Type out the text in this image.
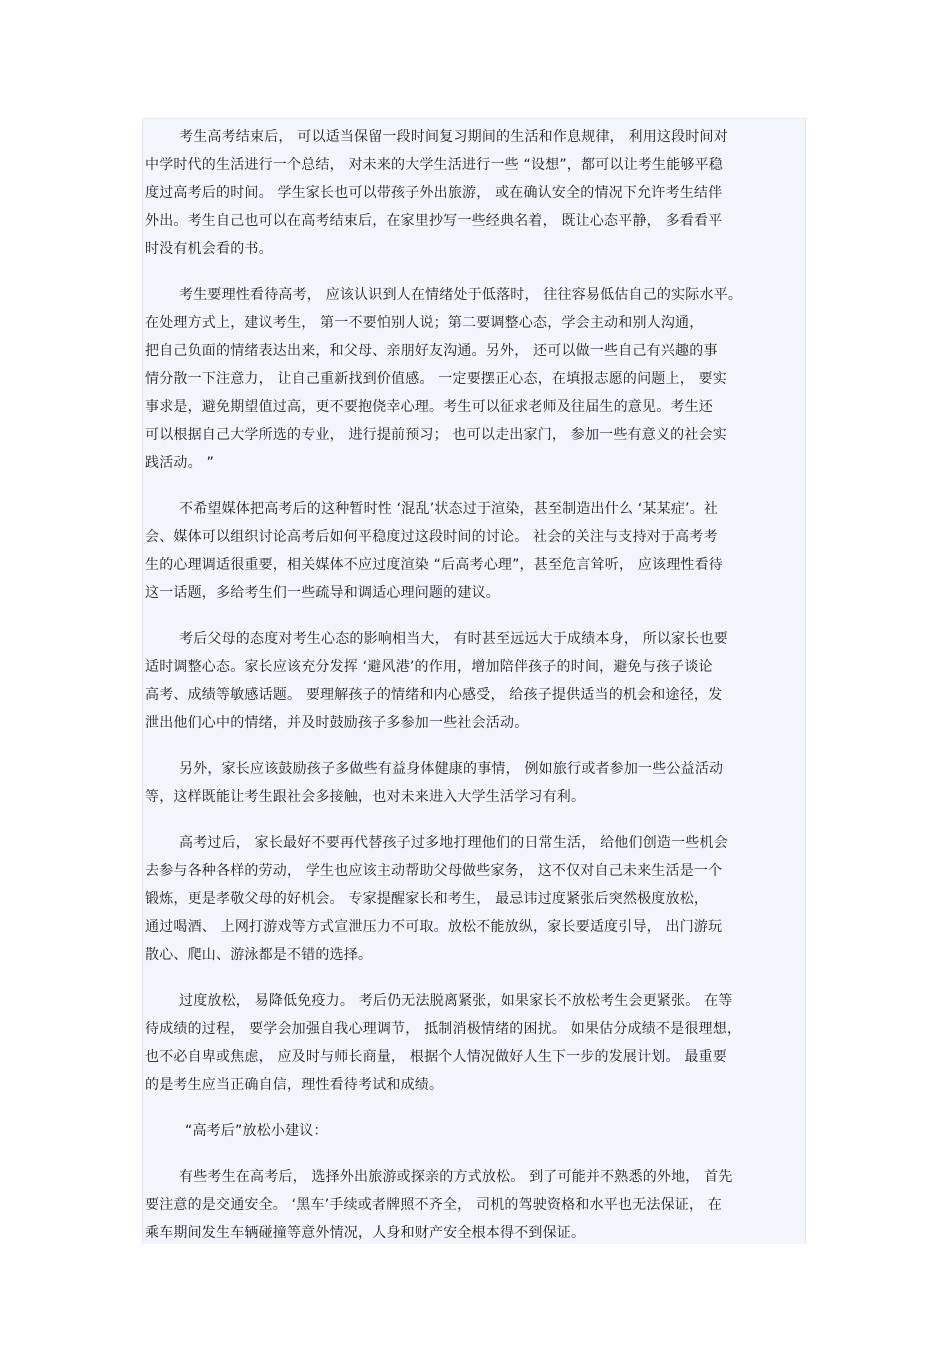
考生高考结束后， 可以适当保留一段时间复习期间的生活和作息规律， 利用这段时间对
中学时代的生活进行一个总结， 对未来的大学生活进行一些 “设想”，都可以让考生能够平稳
度过高考后的时间。 学生家长也可以带孩子外出旅游， 或在确认安全的情况下允许考生结伴
外出。考生自己也可以在高考结束后，在家里抄写一些经典名着， 既让心态平静， 多看看平
时没有机会看的书。
考生要理性看待高考， 应该认识到人在情绪处于低落时， 往往容易低估自己的实际水平。
在处理方式上，建议考生， 第一不要怕别人说；第二要调整心态，学会主动和别人沟通，
把自己负面的情绪表达出来，和父母、亲朋好友沟通。另外， 还可以做一些自己有兴趣的事
情分散一下注意力， 让自己重新找到价值感。 一定要摆正心态，在填报志愿的问题上， 要实
事求是，避免期望值过高，更不要抱侥幸心理。考生可以征求老师及往届生的意见。考生还
可以根据自己大学所选的专业， 进行提前预习； 也可以走出家门， 参加一些有意义的社会实
践活动。 ”
不希望媒体把高考后的这种暂时性 ‘混乱’状态过于渲染，甚至制造出什么 ‘某某症’。社
会、媒体可以组织讨论高考后如何平稳度过这段时间的讨论。 社会的关注与支持对于高考考
生的心理调适很重要，相关媒体不应过度渲染 “后高考心理”，甚至危言耸听， 应该理性看待
这一话题，多给考生们一些疏导和调适心理问题的建议。
考后父母的态度对考生心态的影响相当大， 有时甚至远远大于成绩本身， 所以家长也要
适时调整心态。家长应该充分发挥 ‘避风港’的作用，增加陪伴孩子的时间，避免与孩子谈论
高考、成绩等敏感话题。 要理解孩子的情绪和内心感受， 给孩子提供适当的机会和途径，发
泄出他们心中的情绪，并及时鼓励孩子多参加一些社会活动。
另外，家长应该鼓励孩子多做些有益身体健康的事情， 例如旅行或者参加一些公益活动
等，这样既能让考生跟社会多接触，也对未来进入大学生活学习有利。
高考过后， 家长最好不要再代替孩子过多地打理他们的日常生活， 给他们创造一些机会
去参与各种各样的劳动， 学生也应该主动帮助父母做些家务， 这不仅对自己未来生活是一个
锻炼，更是孝敬父母的好机会。 专家提醒家长和考生， 最忌讳过度紧张后突然极度放松，
通过喝酒、 上网打游戏等方式宣泄压力不可取。放松不能放纵，家长要适度引导， 出门游玩
散心、爬山、游泳都是不错的选择。
过度放松， 易降低免疫力。 考后仍无法脱离紧张，如果家长不放松考生会更紧张。 在等
待成绩的过程， 要学会加强自我心理调节， 抵制消极情绪的困扰。 如果估分成绩不是很理想，
也不必自卑或焦虑， 应及时与师长商量， 根据个人情况做好人生下一步的发展计划。 最重要
的是考生应当正确自信，理性看待考试和成绩。
“高考后”放松小建议：
有些考生在高考后， 选择外出旅游或探亲的方式放松。 到了可能并不熟悉的外地， 首先
要注意的是交通安全。 ‘黑车’手续或者牌照不齐全， 司机的驾驶资格和水平也无法保证， 在
乘车期间发生车辆碰撞等意外情况，人身和财产安全根本得不到保证。
